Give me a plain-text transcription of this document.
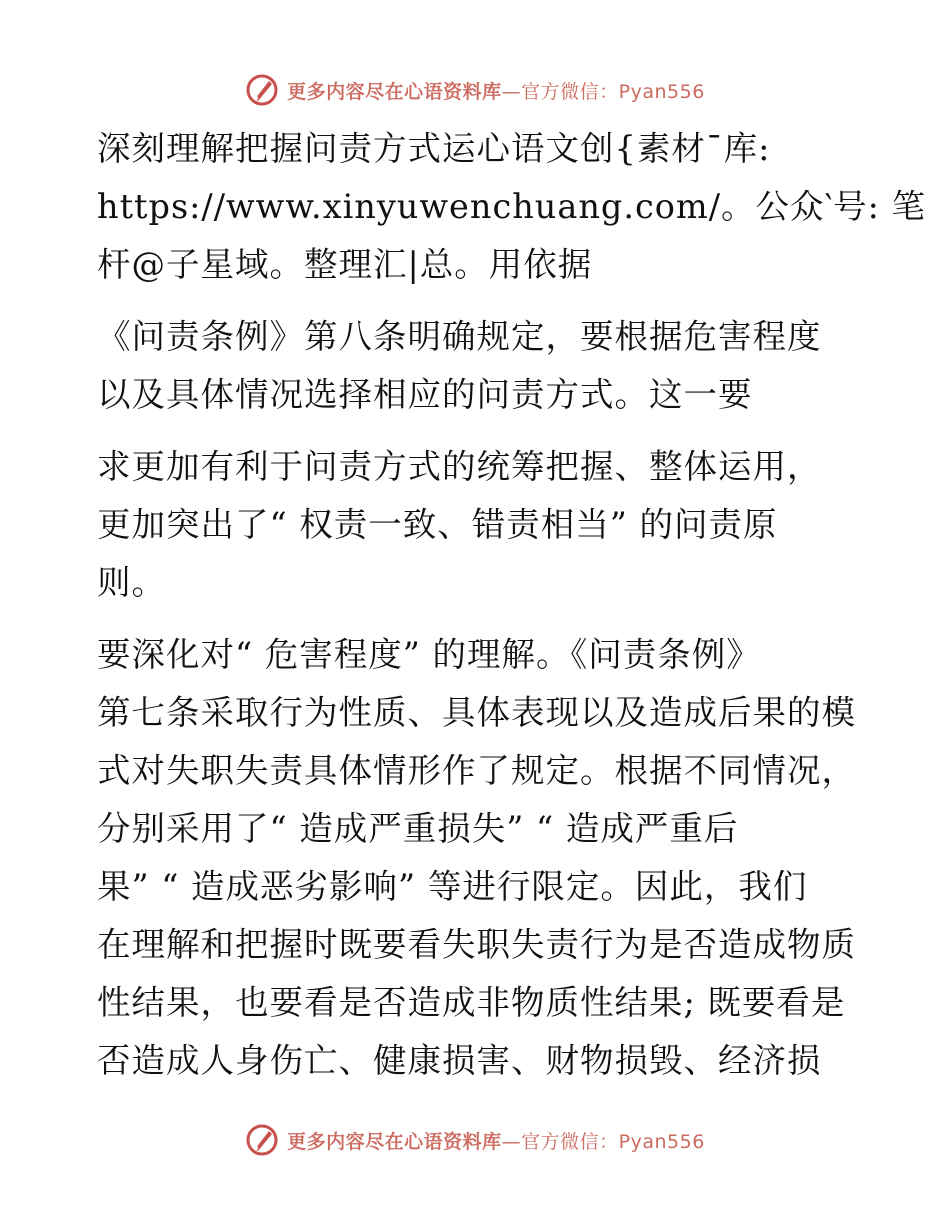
更多内容尽在心语资料库—官方微信：Pyan556

深刻理解把握问责方式运心语文创{素材¯库:
https://www.xinyuwenchuang.com/。公众‵号: 笔
杆@子星域。整理汇|总。用依据

《问责条例》第八条明确规定，要根据危害程度
以及具体情况选择相应的问责方式。这一要

求更加有利于问责方式的统筹把握、整体运用，
更加突出了“ 权责一致、错责相当” 的问责原
则。

要深化对“ 危害程度” 的理解。《问责条例》
第七条采取行为性质、具体表现以及造成后果的模
式对失职失责具体情形作了规定。根据不同情况，
分别采用了“ 造成严重损失” “ 造成严重后
果” “ 造成恶劣影响” 等进行限定。因此，我们
在理解和把握时既要看失职失责行为是否造成物质
性结果，也要看是否造成非物质性结果; 既要看是
否造成人身伤亡、健康损害、财物损毁、经济损

更多内容尽在心语资料库—官方微信：Pyan556
